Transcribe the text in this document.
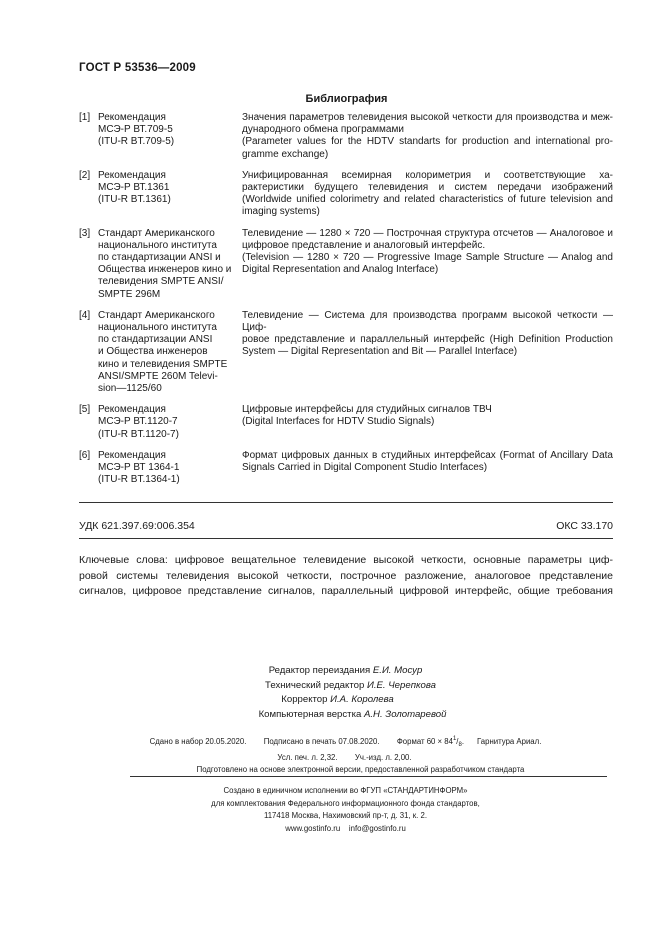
ГОСТ Р 53536—2009
Библиография
[1] Рекомендация
МСЭ-Р ВТ.709-5
(ITU-R BT.709-5)
Значения параметров телевидения высокой четкости для производства и меж-
дународного обмена программами
(Parameter values for the HDTV standarts for production and international pro-
gramme exchange)
[2] Рекомендация
МСЭ-Р ВТ.1361
(ITU-R BT.1361)
Унифицированная всемирная колориметрия и соответствующие ха-
рактеристики будущего телевидения и систем передачи изображений
(Worldwide unified colorimetry and related characteristics of future television and
imaging systems)
[3] Стандарт Американского
национального института
по стандартизации ANSI и
Общества инженеров кино и
телевидения SMPTE ANSI/
SMPTE 296M
Телевидение — 1280 × 720 — Построчная структура отсчетов — Аналоговое и
цифровое представление и аналоговый интерфейс.
(Television — 1280 × 720 — Progressive Image Sample Structure — Analog and
Digital Representation and Analog Interface)
[4] Стандарт Американского
национального института
по стандартизации ANSI
и Общества инженеров
кино и телевидения SMPTE
ANSI/SMPTE 260M Televi-
sion—1125/60
Телевидение — Система для производства программ высокой четкости — Циф-
ровое представление и параллельный интерфейс (High Definition Production
System — Digital Representation and Bit — Parallel Interface)
[5] Рекомендация
МСЭ-Р ВТ.1120-7
(ITU-R BT.1120-7)
Цифровые интерфейсы для студийных сигналов ТВЧ
(Digital Interfaces for HDTV Studio Signals)
[6] Рекомендация
МСЭ-Р ВТ 1364-1
(ITU-R BT.1364-1)
Формат цифровых данных в студийных интерфейсах (Format of Ancillary Data
Signals Carried in Digital Component Studio Interfaces)
УДК 621.397.69:006.354	ОКС 33.170
Ключевые слова: цифровое вещательное телевидение высокой четкости, основные параметры циф-
ровой системы телевидения высокой четкости, построчное разложение, аналоговое представление
сигналов, цифровое представление сигналов, параллельный цифровой интерфейс, общие требования
Редактор переиздания Е.И. Мосур
Технический редактор И.Е. Черепкова
Корректор И.А. Королева
Компьютерная верстка А.Н. Золотаревой
Сдано в набор 20.05.2020. Подписано в печать 07.08.2020. Формат $60 \times 84^1/_8$.      Гарнитура Ариал.
Усл. печ. л. 2,32. Уч.-изд. л. 2,00.
Подготовлено на основе электронной версии, предоставленной разработчиком стандарта
Создано в единичном исполнении во ФГУП «СТАНДАРТИНФОРМ»
для комплектования Федерального информационного фонда стандартов,
117418 Москва, Нахимовский пр-т, д. 31, к. 2.
www.gostinfo.ru    info@gostinfo.ru
